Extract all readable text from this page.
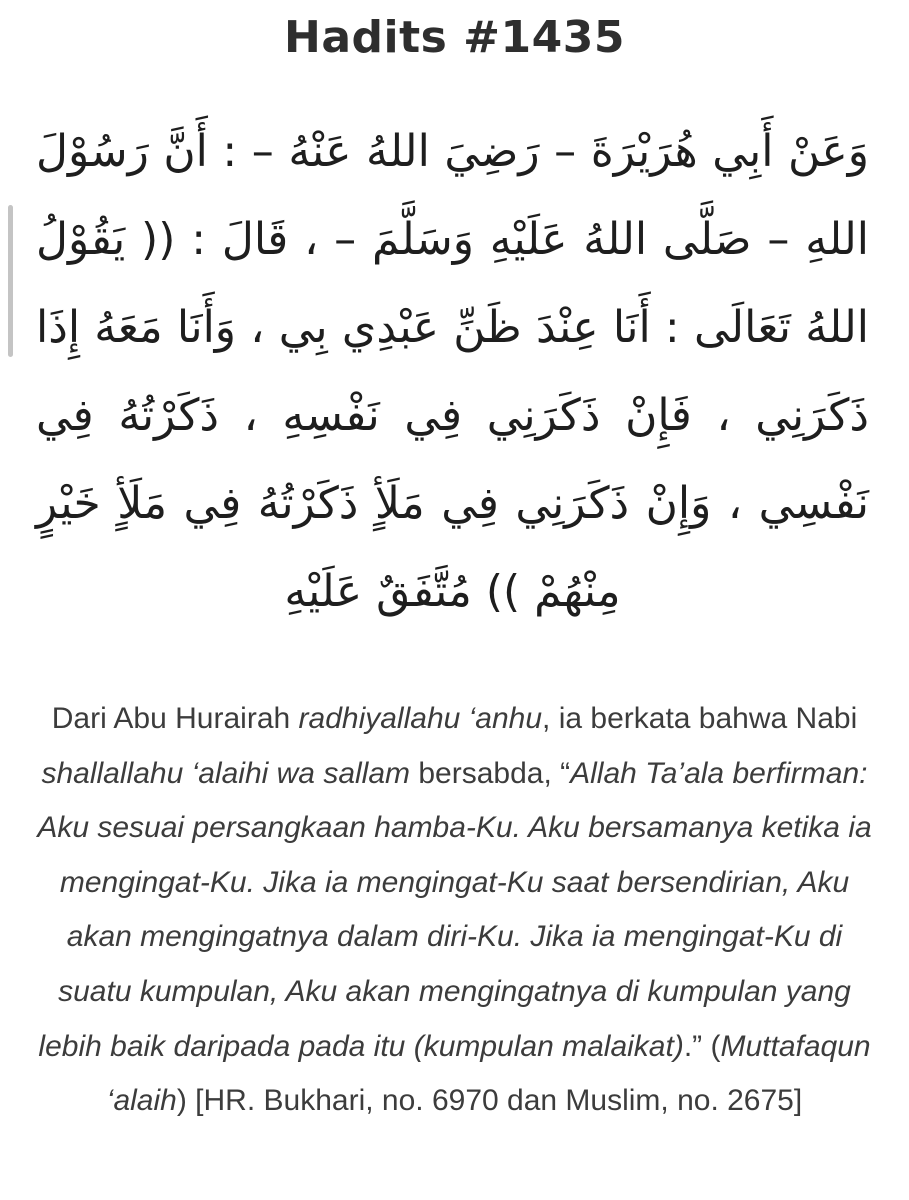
Hadits #1435
وَعَنْ أَبِي هُرَيْرَةَ – رَضِيَ اللهُ عَنْهُ – : أَنَّ رَسُوْلَ اللهِ – صَلَّى اللهُ عَلَيْهِ وَسَلَّمَ – ، قَالَ : (( يَقُوْلُ اللهُ تَعَالَى : أَنَا عِنْدَ ظَنِّ عَبْدِي بِي ، وَأَنَا مَعَهُ إِذَا ذَكَرَنِي ، فَإِنْ ذَكَرَنِي فِي نَفْسِهِ ، ذَكَرْتُهُ فِي نَفْسِي ، وَإِنْ ذَكَرَنِي فِي مَلَأٍ ذَكَرْتُهُ فِي مَلَأٍ خَيْرٍ مِنْهُمْ )) مُتَّفَقٌ عَلَيْهِ
Dari Abu Hurairah radhiyallahu ‘anhu, ia berkata bahwa Nabi shallallahu ‘alaihi wa sallam bersabda, “Allah Ta’ala berfirman: Aku sesuai persangkaan hamba-Ku. Aku bersamanya ketika ia mengingat-Ku. Jika ia mengingat-Ku saat bersendirian, Aku akan mengingatnya dalam diri-Ku. Jika ia mengingat-Ku di suatu kumpulan, Aku akan mengingatnya di kumpulan yang lebih baik daripada pada itu (kumpulan malaikat).” (Muttafaqun ‘alaih) [HR. Bukhari, no. 6970 dan Muslim, no. 2675]
